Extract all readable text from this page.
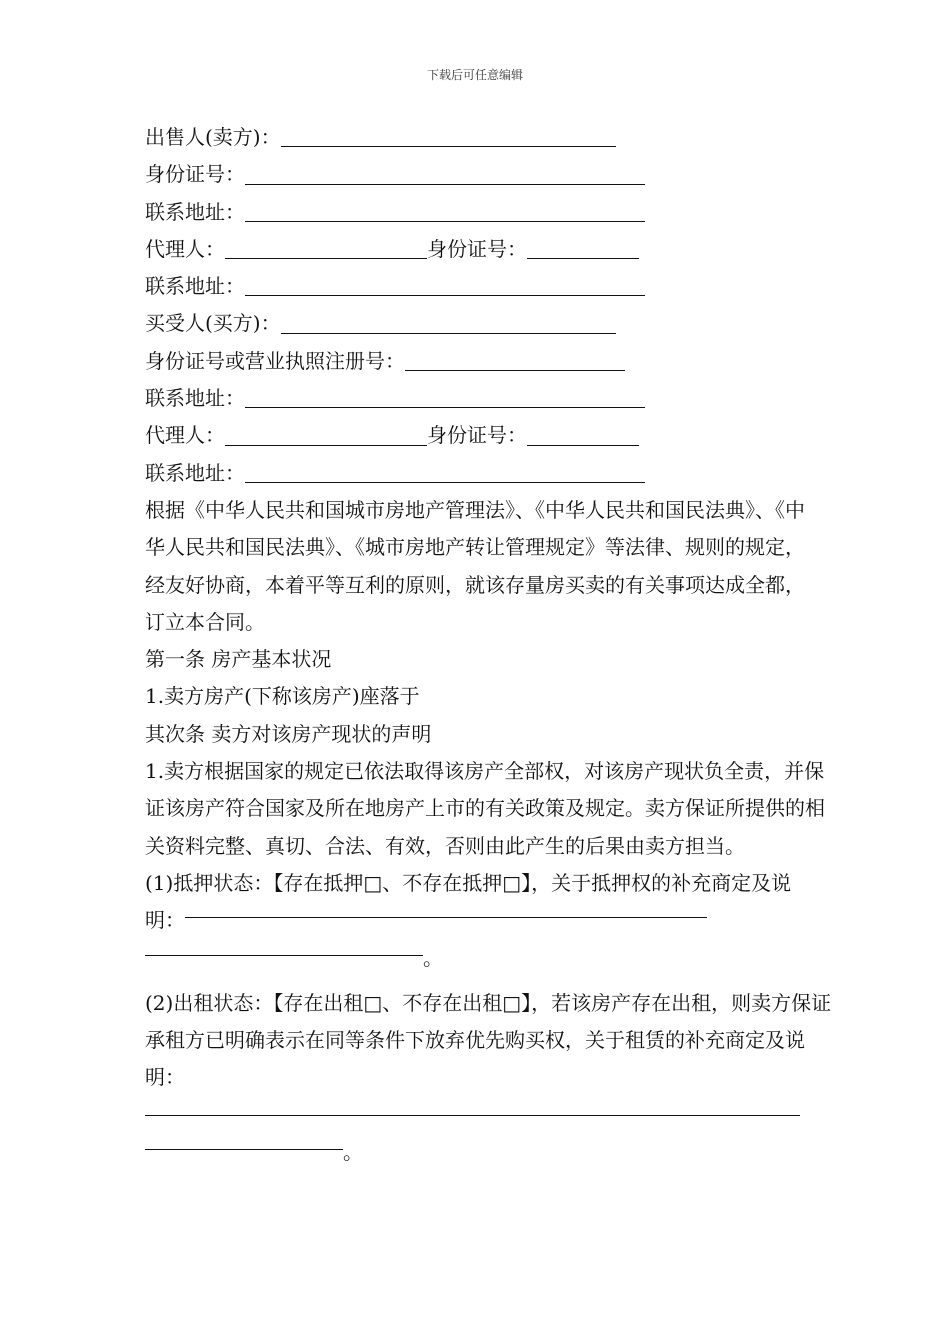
下载后可任意编辑
出售人(卖方)：
身份证号：
联系地址：
代理人：	身份证号：
联系地址：
买受人(买方)：
身份证号或营业执照注册号：
联系地址：
代理人：	身份证号：
联系地址：
根据《中华人民共和国城市房地产管理法》、《中华人民共和国民法典》、《中华人民共和国民法典》、《城市房地产转让管理规定》等法律、规则的规定，经友好协商，本着平等互利的原则，就该存量房买卖的有关事项达成全都，订立本合同。
第一条 房产基本状况
1.卖方房产(下称该房产)座落于
其次条 卖方对该房产现状的声明
1.卖方根据国家的规定已依法取得该房产全部权，对该房产现状负全责，并保证该房产符合国家及所在地房产上市的有关政策及规定。卖方保证所提供的相关资料完整、真切、合法、有效，否则由此产生的后果由卖方担当。
(1)抵押状态：【存在抵押□、不存在抵押□】，关于抵押权的补充商定及说明：
。
(2)出租状态：【存在出租□、不存在出租□】，若该房产存在出租，则卖方保证承租方已明确表示在同等条件下放弃优先购买权，关于租赁的补充商定及说明：

。
